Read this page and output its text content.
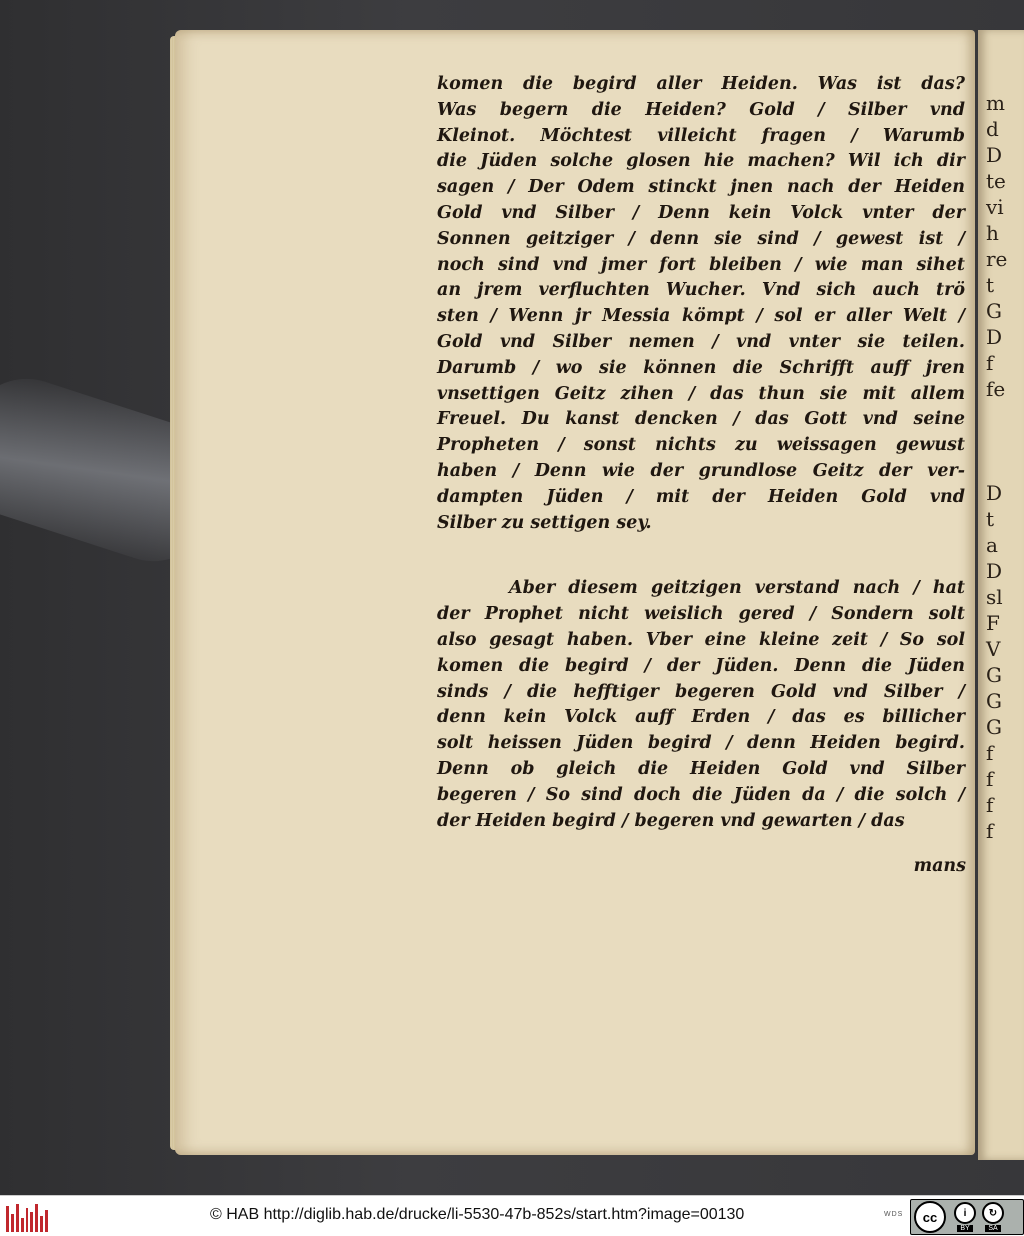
m
d
D
te
vi
h
re
t
G
D
f
fe
D
t
a
D
sl
F
V
G
G
G
f
f
f
f
komen die begird aller Heiden. Was ist das?
Was begern die Heiden? Gold / Silber vnd
Kleinot. Möchtest villeicht fragen / Warumb
die Jüden solche glosen hie machen? Wil ich dir
sagen / Der Odem stinckt jnen nach der Heiden
Gold vnd Silber / Denn kein Volck vnter der
Sonnen geitziger / denn sie sind / gewest ist /
noch sind vnd jmer fort bleiben / wie man sihet
an jrem verfluchten Wucher. Vnd sich auch trö
sten / Wenn jr Messia kömpt / sol er aller Welt /
Gold vnd Silber nemen / vnd vnter sie teilen.
Darumb / wo sie können die Schrifft auff jren
vnsettigen Geitz zihen / das thun sie mit allem
Freuel. Du kanst dencken / das Gott vnd seine
Propheten / sonst nichts zu weissagen gewust
haben / Denn wie der grundlose Geitz der ver-
dampten Jüden / mit der Heiden Gold vnd
Silber zu settigen sey.
Aber diesem geitzigen verstand nach / hat
der Prophet nicht weislich gered / Sondern solt
also gesagt haben. Vber eine kleine zeit / So sol
komen die begird / der Jüden. Denn die Jüden
sinds / die hefftiger begeren Gold vnd Silber /
denn kein Volck auff Erden / das es billicher
solt heissen Jüden begird / denn Heiden begird.
Denn ob gleich die Heiden Gold vnd Silber
begeren / So sind doch die Jüden da / die solch /
der Heiden begird / begeren vnd gewarten / das
mans
© HAB http://diglib.hab.de/drucke/li-5530-47b-852s/start.htm?image=00130	WDS	cc	i
BY
↻
SA
